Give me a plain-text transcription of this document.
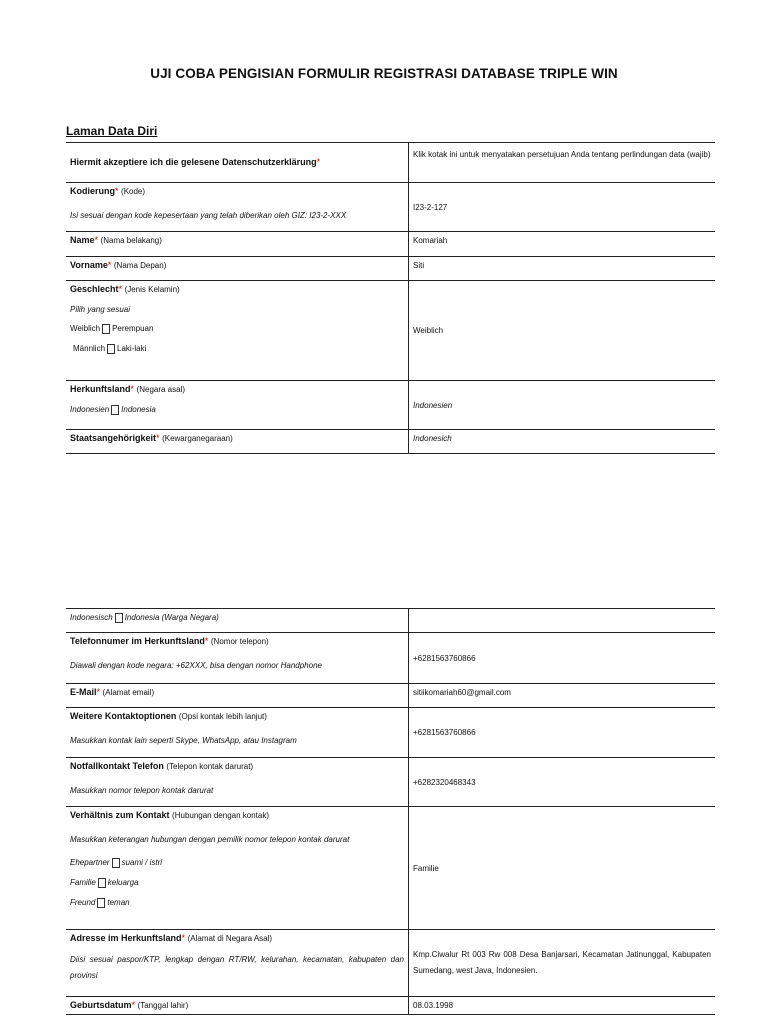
UJI COBA PENGISIAN FORMULIR REGISTRASI DATABASE TRIPLE WIN
Laman Data Diri
Hiermit akzeptiere ich die gelesene Datenschutzerklärung*	Klik kotak ini untuk menyatakan persetujuan Anda tentang perlindungan data (wajib)

Kodierung* (Kode)
Isi sesuai dengan kode kepesertaan yang telah diberikan oleh GIZ: I23-2-XXX	I23-2-127
Name* (Nama belakang)	Komariah
Vorname* (Nama Depan)	Siti
Geschlecht* (Jenis Kelamin)
Pilih yang sesuai
Weiblich Perempuan
Männlich Laki-laki	Weiblich
Herkunftsland* (Negara asal)
Indonesien Indonesia	Indonesien
Staatsangehörigkeit* (Kewarganegaraan)	Indonesich
Indonesisch Indonesia (Warga Negara)	
Telefonnumer im Herkunftsland* (Nomor telepon)
Diawali dengan kode negara: +62XXX, bisa dengan nomor Handphone	+6281563760866
E-Mail* (Alamat email)	sitiikomariah60@gmail.com
Weitere Kontaktoptionen (Opsi kontak lebih lanjut)
Masukkan kontak lain seperti Skype, WhatsApp, atau Instagram	+6281563760866
Notfallkontakt Telefon (Telepon kontak darurat)
Masukkan nomor telepon kontak darurat	+6282320468343
Verhältnis zum Kontakt (Hubungan dengan kontak)
Masukkan keterangan hubungan dengan pemilik nomor telepon kontak darurat
Ehepartner suami / istri
Familie keluarga
Freund teman	Familie
Adresse im Herkunftsland* (Alamat di Negara Asal)
Diisi sesuai paspor/KTP, lengkap dengan RT/RW, kelurahan, kecamatan, kabupaten dan provinsi	Kmp.Ciwalur Rt 003 Rw 008 Desa Banjarsari, Kecamatan Jatinunggal, Kabupaten Sumedang, west Java, Indonesien.

Geburtsdatum* (Tanggal lahir)	08.03.1998
